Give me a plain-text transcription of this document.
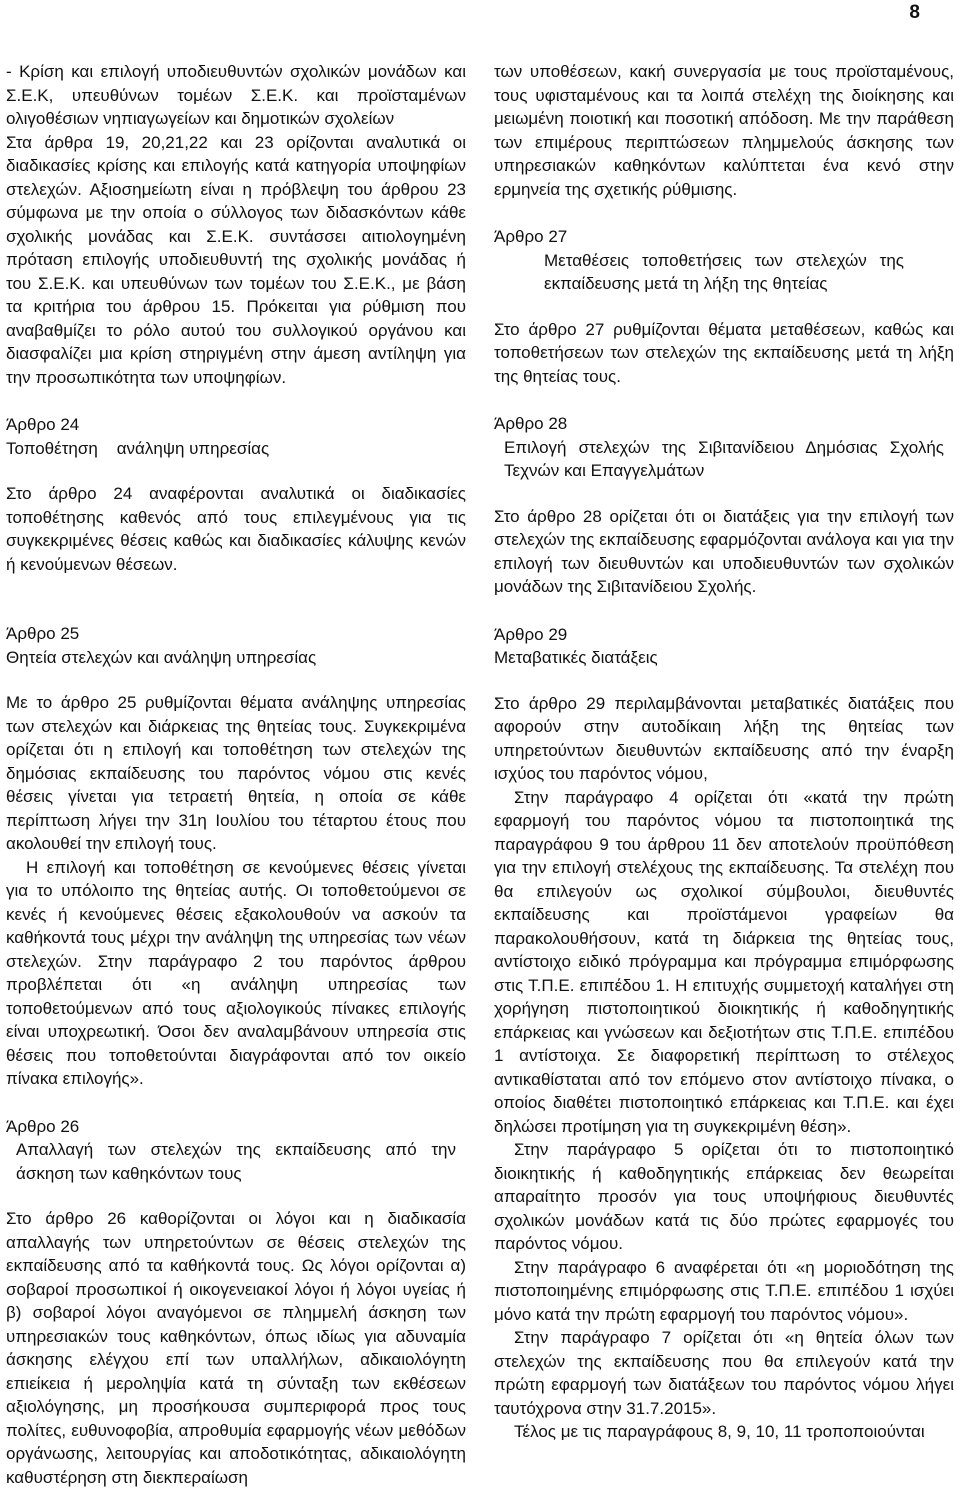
8

- Κρίση και επιλογή υποδιευθυντών σχολικών μονάδων και Σ.Ε.Κ, υπευθύνων τομέων Σ.Ε.Κ. και προϊσταμένων ολιγοθέσιων νηπιαγωγείων και δημοτικών σχολείων

Στα άρθρα 19, 20,21,22 και 23 ορίζονται αναλυτικά οι διαδικασίες κρίσης και επιλογής κατά κατηγορία υποψηφίων στελεχών. Αξιοσημείωτη είναι η πρόβλεψη του άρθρου 23 σύμφωνα με την οποία ο σύλλογος των διδασκόντων κάθε σχολικής μονάδας και Σ.Ε.Κ. συντάσσει αιτιολογημένη πρόταση επιλογής υποδιευθυντή της σχολικής μονάδας ή του Σ.Ε.Κ. και υπευθύνων των τομέων του Σ.Ε.Κ., με βάση τα κριτήρια του άρθρου 15. Πρόκειται για ρύθμιση που αναβαθμίζει το ρόλο αυτού του συλλογικού οργάνου και διασφαλίζει μια κρίση στηριγμένη στην άμεση αντίληψη για την προσωπικότητα των υποψηφίων.

Άρθρο 24

Τοποθέτηση    ανάληψη υπηρεσίας

Στο άρθρο 24 αναφέρονται αναλυτικά οι διαδικασίες τοποθέτησης καθενός από τους επιλεγμένους για τις συγκεκριμένες θέσεις καθώς και διαδικασίες κάλυψης κενών ή κενούμενων θέσεων.

Άρθρο 25

Θητεία στελεχών και ανάληψη υπηρεσίας

Με το άρθρο 25 ρυθμίζονται θέματα ανάληψης υπηρεσίας των στελεχών και διάρκειας της θητείας τους. Συγκεκριμένα ορίζεται ότι η επιλογή και τοποθέτηση των στελεχών της δημόσιας εκπαίδευσης του παρόντος νόμου στις κενές θέσεις γίνεται για τετραετή θητεία, η οποία σε κάθε περίπτωση λήγει την 31η Ιουλίου του τέταρτου έτους που ακολουθεί την επιλογή τους.

Η επιλογή και τοποθέτηση σε κενούμενες θέσεις γίνεται για το υπόλοιπο της θητείας αυτής. Οι τοποθετούμενοι σε κενές ή κενούμενες θέσεις εξακολουθούν να ασκούν τα καθήκοντά τους μέχρι την ανάληψη της υπηρεσίας των νέων στελεχών. Στην παράγραφο 2 του παρόντος άρθρου προβλέπεται ότι «η ανάληψη υπηρεσίας των τοποθετούμενων από τους αξιολογικούς πίνακες επιλογής είναι υποχρεωτική. Όσοι δεν αναλαμβάνουν υπηρεσία στις θέσεις που τοποθετούνται διαγράφονται από τον οικείο πίνακα επιλογής».

Άρθρο 26

Απαλλαγή των στελεχών της εκπαίδευσης από την άσκηση των καθηκόντων τους

Στο άρθρο 26 καθορίζονται οι λόγοι και η διαδικασία απαλλαγής των υπηρετούντων σε θέσεις στελεχών της εκπαίδευσης από τα καθήκοντά τους. Ως λόγοι ορίζονται α) σοβαροί προσωπικοί ή οικογενειακοί λόγοι ή λόγοι υγείας ή β) σοβαροί λόγοι αναγόμενοι σε πλημμελή άσκηση των υπηρεσιακών τους καθηκόντων, όπως ιδίως για αδυναμία άσκησης ελέγχου επί των υπαλλήλων, αδικαιολόγητη επιείκεια ή μεροληψία κατά τη σύνταξη των εκθέσεων αξιολόγησης, μη προσήκουσα συμπεριφορά προς τους πολίτες, ευθυνοφοβία, απροθυμία εφαρμογής νέων μεθόδων οργάνωσης, λειτουργίας και αποδοτικότητας, αδικαιολόγητη καθυστέρηση στη διεκπεραίωση

των υποθέσεων, κακή συνεργασία με τους προϊσταμένους, τους υφισταμένους και τα λοιπά στελέχη της διοίκησης και μειωμένη ποιοτική και ποσοτική απόδοση. Με την παράθεση των επιμέρους περιπτώσεων πλημμελούς άσκησης των υπηρεσιακών καθηκόντων καλύπτεται ένα κενό στην ερμηνεία της σχετικής ρύθμισης.

Άρθρο 27

Μεταθέσεις τοποθετήσεις των στελεχών της εκπαίδευσης μετά τη λήξη της θητείας

Στο άρθρο 27 ρυθμίζονται θέματα μεταθέσεων, καθώς και τοποθετήσεων των στελεχών της εκπαίδευσης μετά τη λήξη της θητείας τους.

Άρθρο 28

Επιλογή στελεχών της Σιβιτανίδειου Δημόσιας Σχολής Τεχνών και Επαγγελμάτων

Στο άρθρο 28 ορίζεται ότι οι διατάξεις για την επιλογή των στελεχών της εκπαίδευσης εφαρμόζονται ανάλογα και για την επιλογή των διευθυντών και υποδιευθυντών των σχολικών μονάδων της Σιβιτανίδειου Σχολής.

Άρθρο 29

Μεταβατικές διατάξεις

Στο άρθρο 29 περιλαμβάνονται μεταβατικές διατάξεις που αφορούν στην αυτοδίκαιη λήξη της θητείας των υπηρετούντων διευθυντών εκπαίδευσης από την έναρξη ισχύος του παρόντος νόμου,

Στην παράγραφο 4 ορίζεται ότι «κατά την πρώτη εφαρμογή του παρόντος νόμου τα πιστοποιητικά της παραγράφου 9 του άρθρου 11 δεν αποτελούν προϋπόθεση για την επιλογή στελέχους της εκπαίδευσης. Τα στελέχη που θα επιλεγούν ως σχολικοί σύμβουλοι, διευθυντές εκπαίδευσης και προϊστάμενοι γραφείων θα παρακολουθήσουν, κατά τη διάρκεια της θητείας τους, αντίστοιχο ειδικό πρόγραμμα και πρόγραμμα επιμόρφωσης στις Τ.Π.Ε. επιπέδου 1. Η επιτυχής συμμετοχή καταλήγει στη χορήγηση πιστοποιητικού διοικητικής ή καθοδηγητικής επάρκειας και γνώσεων και δεξιοτήτων στις Τ.Π.Ε. επιπέδου 1 αντίστοιχα. Σε διαφορετική περίπτωση το στέλεχος αντικαθίσταται από τον επόμενο στον αντίστοιχο πίνακα, ο οποίος διαθέτει πιστοποιητικό επάρκειας και Τ.Π.Ε. και έχει δηλώσει προτίμηση για τη συγκεκριμένη θέση».

Στην παράγραφο 5 ορίζεται ότι το πιστοποιητικό διοικητικής ή καθοδηγητικής επάρκειας δεν θεωρείται απαραίτητο προσόν για τους υποψήφιους διευθυντές σχολικών μονάδων κατά τις δύο πρώτες εφαρμογές του παρόντος νόμου.

Στην παράγραφο 6 αναφέρεται ότι «η μοριοδότηση της πιστοποιημένης επιμόρφωσης στις Τ.Π.Ε. επιπέδου 1 ισχύει μόνο κατά την πρώτη εφαρμογή του παρόντος νόμου».

Στην παράγραφο 7 ορίζεται ότι «η θητεία όλων των στελεχών της εκπαίδευσης που θα επιλεγούν κατά την πρώτη εφαρμογή των διατάξεων του παρόντος νόμου λήγει ταυτόχρονα στην 31.7.2015».

Τέλος με τις παραγράφους 8, 9, 10, 11 τροποποιούνται
